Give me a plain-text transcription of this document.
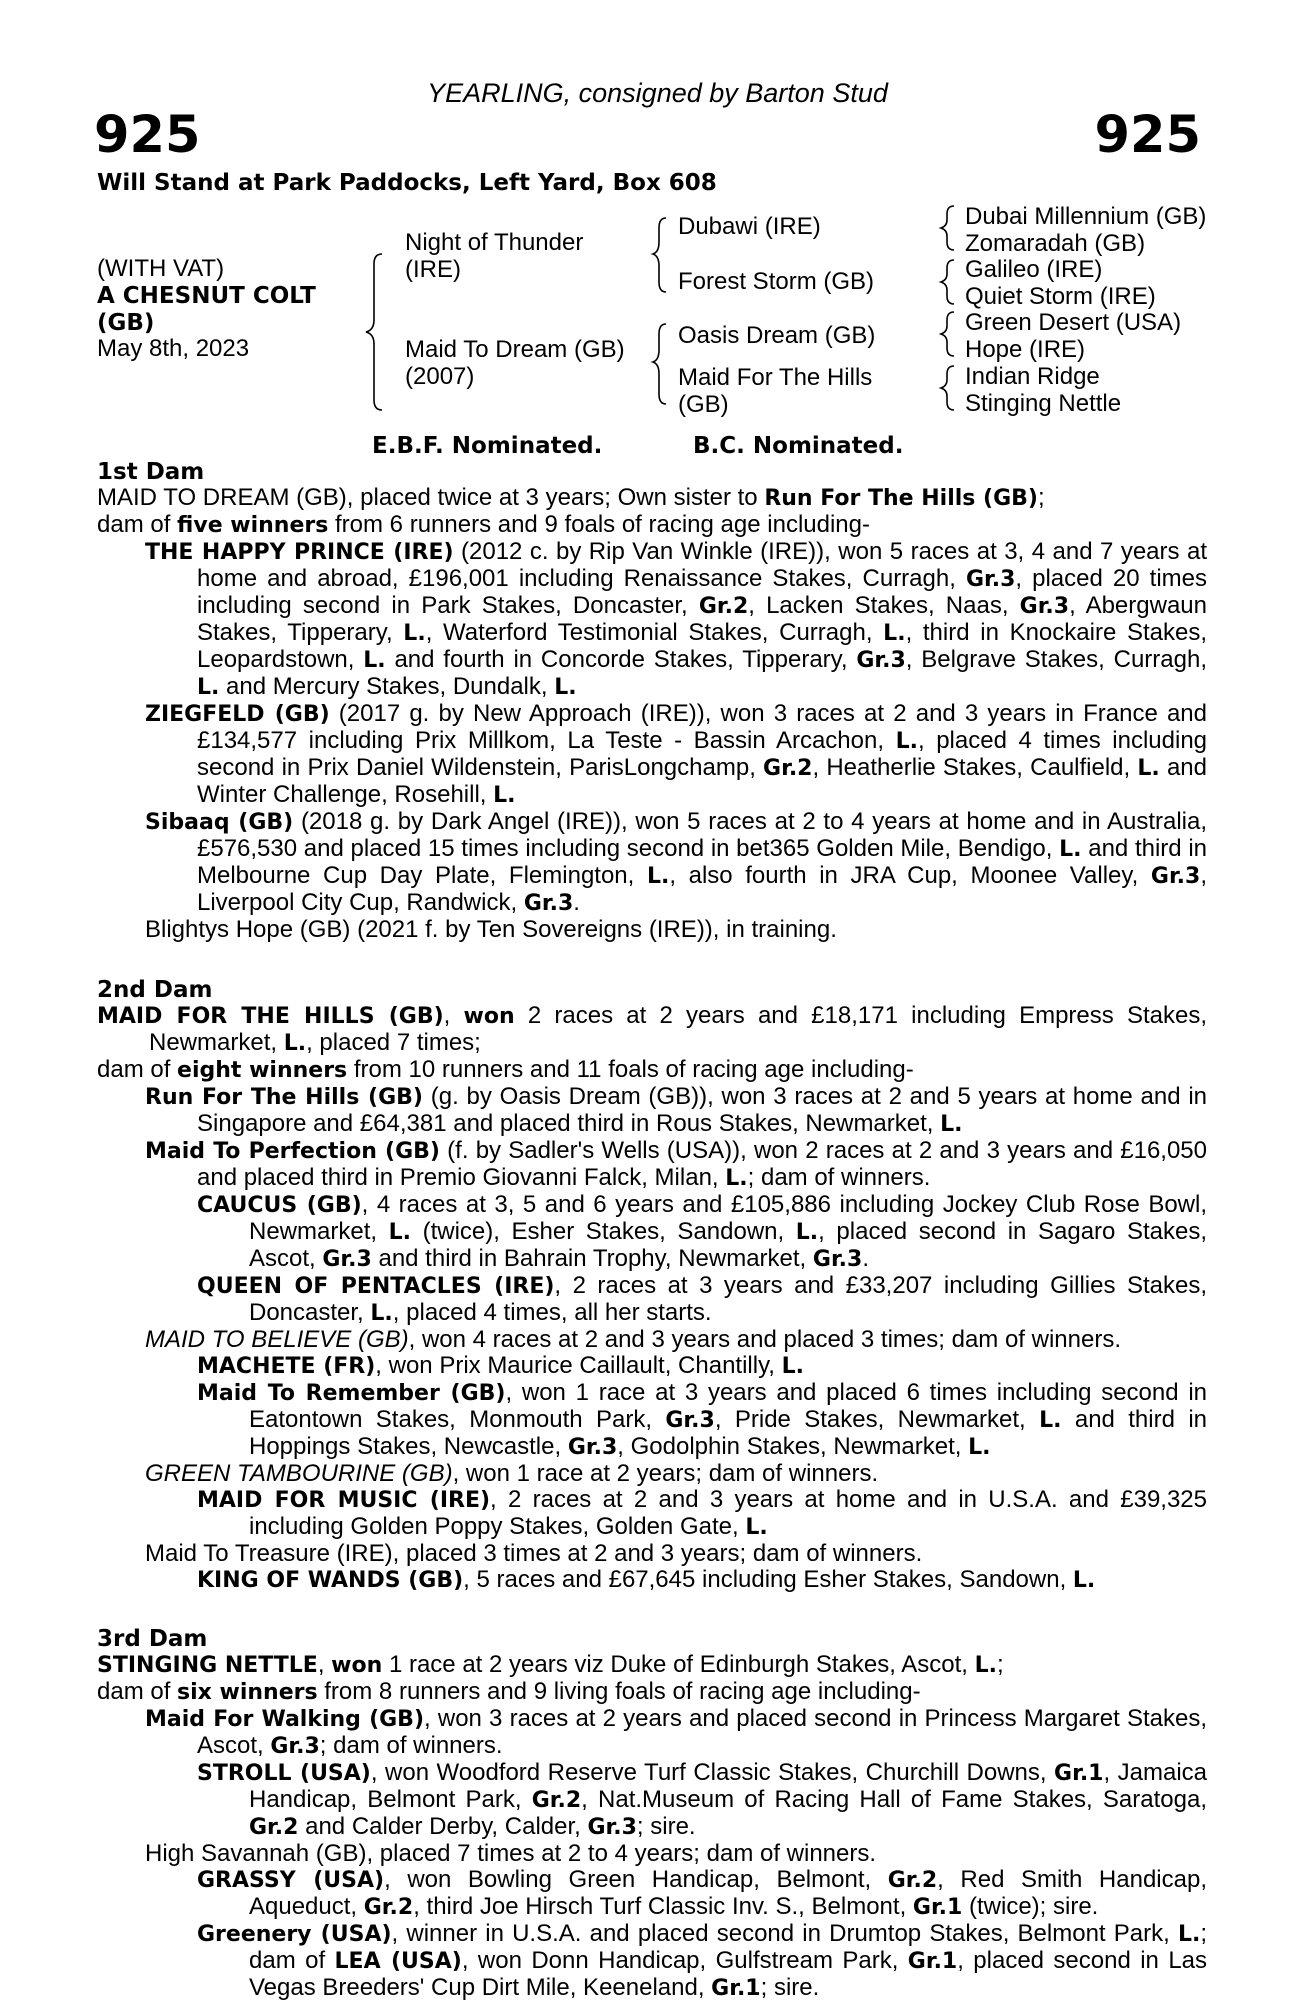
YEARLING, consigned by Barton Stud
925	925
Will Stand at Park Paddocks, Left Yard, Box 608
(WITH VAT)
A CHESNUT COLT
(GB)
May 8th, 2023
Night of Thunder
(IRE)
Maid To Dream (GB)
(2007)
Dubawi (IRE)
Forest Storm (GB)
Oasis Dream (GB)
Maid For The Hills
(GB)
Dubai Millennium (GB)
Zomaradah (GB)
Galileo (IRE)
Quiet Storm (IRE)
Green Desert (USA)
Hope (IRE)
Indian Ridge
Stinging Nettle
E.B.F. Nominated.	B.C. Nominated.
1st Dam

MAID TO DREAM (GB), placed twice at 3 years; Own sister to Run For The Hills (GB);

dam of five winners from 6 runners and 9 foals of racing age including-

THE HAPPY PRINCE (IRE) (2012 c. by Rip Van Winkle (IRE)), won 5 races at 3, 4 and 7 years at home and abroad, £196,001 including Renaissance Stakes, Curragh, Gr.3, placed 20 times including second in Park Stakes, Doncaster, Gr.2, Lacken Stakes, Naas, Gr.3, Abergwaun Stakes, Tipperary, L., Waterford Testimonial Stakes, Curragh, L., third in Knockaire Stakes, Leopardstown, L. and fourth in Concorde Stakes, Tipperary, Gr.3, Belgrave Stakes, Curragh, L. and Mercury Stakes, Dundalk, L.

ZIEGFELD (GB) (2017 g. by New Approach (IRE)), won 3 races at 2 and 3 years in France and £134,577 including Prix Millkom, La Teste - Bassin Arcachon, L., placed 4 times including second in Prix Daniel Wildenstein, ParisLongchamp, Gr.2, Heatherlie Stakes, Caulfield, L. and Winter Challenge, Rosehill, L.

Sibaaq (GB) (2018 g. by Dark Angel (IRE)), won 5 races at 2 to 4 years at home and in Australia, £576,530 and placed 15 times including second in bet365 Golden Mile, Bendigo, L. and third in Melbourne Cup Day Plate, Flemington, L., also fourth in JRA Cup, Moonee Valley, Gr.3, Liverpool City Cup, Randwick, Gr.3.

Blightys Hope (GB) (2021 f. by Ten Sovereigns (IRE)), in training.

2nd Dam

MAID FOR THE HILLS (GB), won 2 races at 2 years and £18,171 including Empress Stakes, Newmarket, L., placed 7 times;

dam of eight winners from 10 runners and 11 foals of racing age including-

Run For The Hills (GB) (g. by Oasis Dream (GB)), won 3 races at 2 and 5 years at home and in Singapore and £64,381 and placed third in Rous Stakes, Newmarket, L.

Maid To Perfection (GB) (f. by Sadler's Wells (USA)), won 2 races at 2 and 3 years and £16,050 and placed third in Premio Giovanni Falck, Milan, L.; dam of winners.

CAUCUS (GB), 4 races at 3, 5 and 6 years and £105,886 including Jockey Club Rose Bowl, Newmarket, L. (twice), Esher Stakes, Sandown, L., placed second in Sagaro Stakes, Ascot, Gr.3 and third in Bahrain Trophy, Newmarket, Gr.3.

QUEEN OF PENTACLES (IRE), 2 races at 3 years and £33,207 including Gillies Stakes, Doncaster, L., placed 4 times, all her starts.

MAID TO BELIEVE (GB), won 4 races at 2 and 3 years and placed 3 times; dam of winners.

MACHETE (FR), won Prix Maurice Caillault, Chantilly, L.

Maid To Remember (GB), won 1 race at 3 years and placed 6 times including second in Eatontown Stakes, Monmouth Park, Gr.3, Pride Stakes, Newmarket, L. and third in Hoppings Stakes, Newcastle, Gr.3, Godolphin Stakes, Newmarket, L.

GREEN TAMBOURINE (GB), won 1 race at 2 years; dam of winners.

MAID FOR MUSIC (IRE), 2 races at 2 and 3 years at home and in U.S.A. and £39,325 including Golden Poppy Stakes, Golden Gate, L.

Maid To Treasure (IRE), placed 3 times at 2 and 3 years; dam of winners.

KING OF WANDS (GB), 5 races and £67,645 including Esher Stakes, Sandown, L.

3rd Dam

STINGING NETTLE, won 1 race at 2 years viz Duke of Edinburgh Stakes, Ascot, L.;

dam of six winners from 8 runners and 9 living foals of racing age including-

Maid For Walking (GB), won 3 races at 2 years and placed second in Princess Margaret Stakes, Ascot, Gr.3; dam of winners.

STROLL (USA), won Woodford Reserve Turf Classic Stakes, Churchill Downs, Gr.1, Jamaica Handicap, Belmont Park, Gr.2, Nat.Museum of Racing Hall of Fame Stakes, Saratoga, Gr.2 and Calder Derby, Calder, Gr.3; sire.

High Savannah (GB), placed 7 times at 2 to 4 years; dam of winners.

GRASSY (USA), won Bowling Green Handicap, Belmont, Gr.2, Red Smith Handicap, Aqueduct, Gr.2, third Joe Hirsch Turf Classic Inv. S., Belmont, Gr.1 (twice); sire.

Greenery (USA), winner in U.S.A. and placed second in Drumtop Stakes, Belmont Park, L.; dam of LEA (USA), won Donn Handicap, Gulfstream Park, Gr.1, placed second in Las Vegas Breeders' Cup Dirt Mile, Keeneland, Gr.1; sire.
